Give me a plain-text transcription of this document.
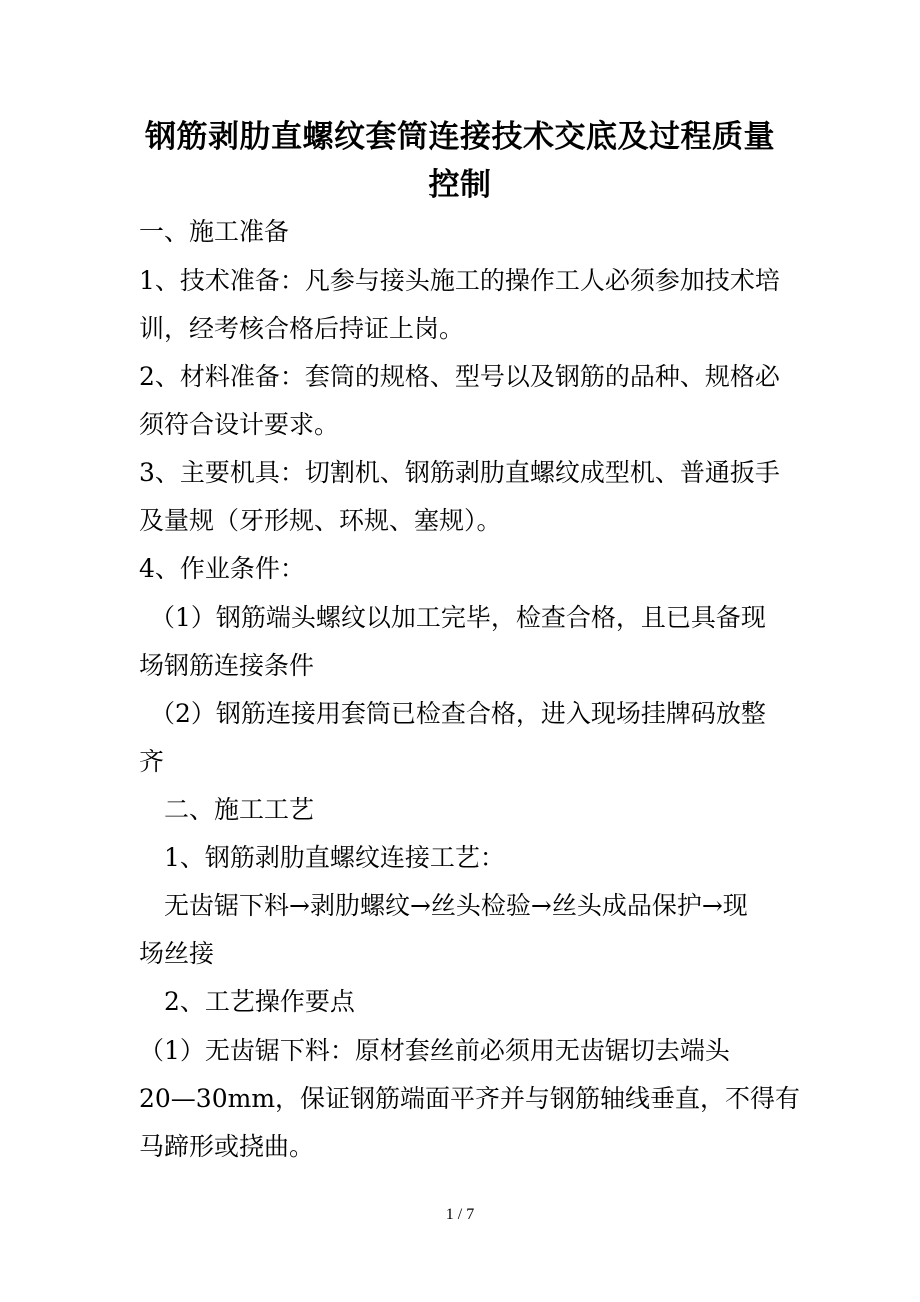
钢筋剥肋直螺纹套筒连接技术交底及过程质量
控制
一、施工准备
1、技术准备：凡参与接头施工的操作工人必须参加技术培
训，经考核合格后持证上岗。
2、材料准备：套筒的规格、型号以及钢筋的品种、规格必
须符合设计要求。
3、主要机具：切割机、钢筋剥肋直螺纹成型机、普通扳手
及量规（牙形规、环规、塞规）。
4、作业条件：
（1）钢筋端头螺纹以加工完毕，检查合格，且已具备现
场钢筋连接条件
（2）钢筋连接用套筒已检查合格，进入现场挂牌码放整
齐
二、施工工艺
1、钢筋剥肋直螺纹连接工艺：
无齿锯下料→剥肋螺纹→丝头检验→丝头成品保护→现
场丝接
2、工艺操作要点
（1）无齿锯下料：原材套丝前必须用无齿锯切去端头
20—30mm，保证钢筋端面平齐并与钢筋轴线垂直，不得有
马蹄形或挠曲。
1 / 7
